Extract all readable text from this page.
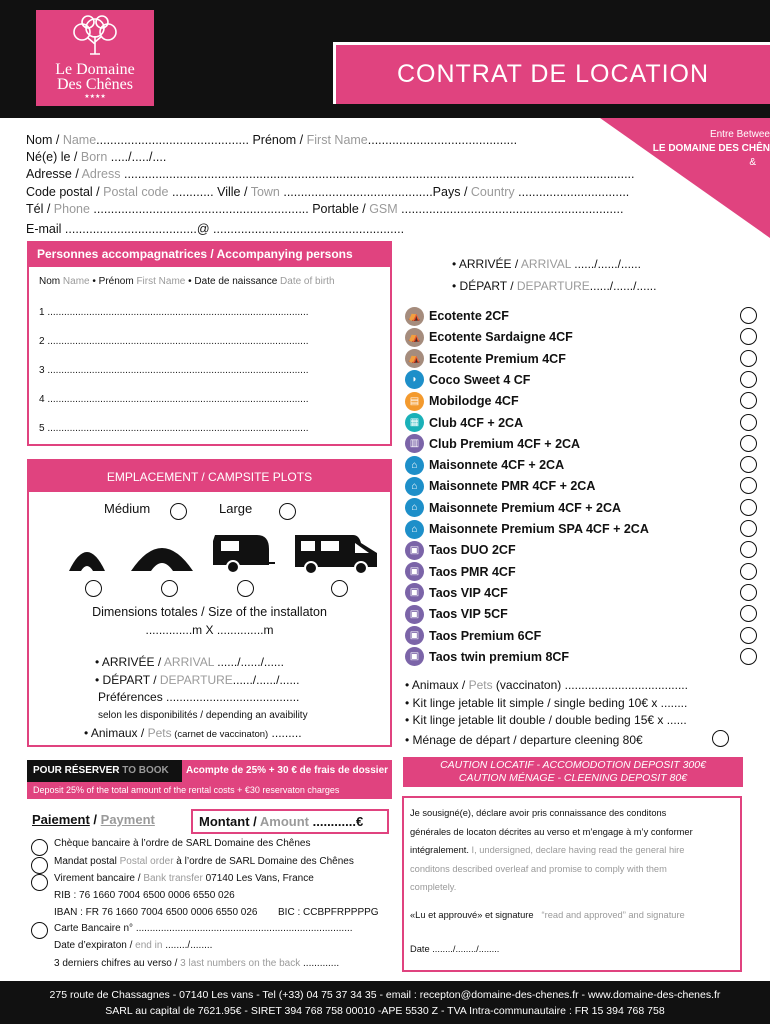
Le Domaine
Des Chênes
★★★★
CONTRAT DE LOCATION
Entre Betwee
LE DOMAINE DES CHÊN
&
Nom / Name............................................ Prénom / First Name...........................................
Né(e) le / Born ...../...../....
Adresse / Adress ...................................................................................................................................................
Code postal / Postal code ............ Ville / Town ...........................................Pays / Country ................................
Tél / Phone .............................................................. Portable / GSM ................................................................
E-mail ......................................@ .......................................................
Personnes accompagnatrices / Accompanying persons
Nom Name • Prénom First Name • Date de naissance Date of birth
1 ..............................................................................................
2 ..............................................................................................
3 ..............................................................................................
4 ..............................................................................................
5 ..............................................................................................
• ARRIVÉE / ARRIVAL ....../....../......
• DÉPART / DEPARTURE....../....../......
⛺ Ecotente 2CF
⛺ Ecotente Sardaigne 4CF
⛺ Ecotente Premium 4CF
◗ Coco Sweet 4 CF
▤ Mobilodge 4CF
▦ Club 4CF + 2CA
▥ Club Premium 4CF + 2CA
⌂ Maisonnete 4CF + 2CA
⌂ Maisonnete PMR 4CF + 2CA
⌂ Maisonnete Premium 4CF + 2CA
⌂ Maisonnete Premium SPA 4CF + 2CA
▣ Taos DUO 2CF
▣ Taos PMR 4CF
▣ Taos VIP 4CF
▣ Taos VIP 5CF
▣ Taos Premium 6CF
▣ Taos twin premium 8CF
• Animaux / Pets (vaccinaton) .....................................
• Kit linge jetable lit simple / single beding 10€ x ........
• Kit linge jetable lit double / double beding 15€ x ......
• Ménage de départ / departure cleening 80€
CAUTION LOCATIF - ACCOMODOTION DEPOSIT 300€
CAUTION MÉNAGE - CLEENING DEPOSIT 80€
EMPLACEMENT / CAMPSITE PLOTS
Médium	Large
Dimensions totales / Size of the installaton
..............m X ..............m
• ARRIVÉE / ARRIVAL ....../....../......
• DÉPART / DEPARTURE....../....../......
Préférences ........................................
selon les disponibilités / depending an avaibility
• Animaux / Pets (carnet de vaccinaton) .........
POUR RÉSERVER TO BOOK	Acompte de 25% + 30 € de frais de dossier
Deposit 25% of the total amount of the rental costs + €30 reservaton charges
Paiement / Payment	Montant / Amount ............€
Chèque bancaire à l’ordre de SARL Domaine des Chênes
Mandat postal Postal order à l’ordre de SARL Domaine des Chênes
Virement bancaire / Bank transfer 07140 Les Vans, France
RIB : 76 1660 7004 6500 0006 6550 026
IBAN : FR 76 1660 7004 6500 0006 6550 026 BIC : CCBPFRPPPPG
Carte Bancaire n° ..............................................................................
Date d’expiraton / end in ......../........
3 derniers chifres au verso / 3 last numbers on the back .............
Je sousigné(e), déclare avoir pris connaissance des conditons
générales de locaton décrites au verso et m’engage à m’y conformer
intégralement. I, undersigned, declare having read the general hire
conditons described overleaf and promise to comply with them
completely.
«Lu et approuvé» et signature “read and approved” and signature
Date ......../......../........
275 route de Chassagnes - 07140 Les vans - Tel (+33) 04 75 37 34 35 - email : recepton@domaine-des-chenes.fr - www.domaine-des-chenes.fr
SARL au capital de 7621.95€ - SIRET 394 768 758 00010 -APE 5530 Z - TVA Intra-communautaire : FR 15 394 768 758
